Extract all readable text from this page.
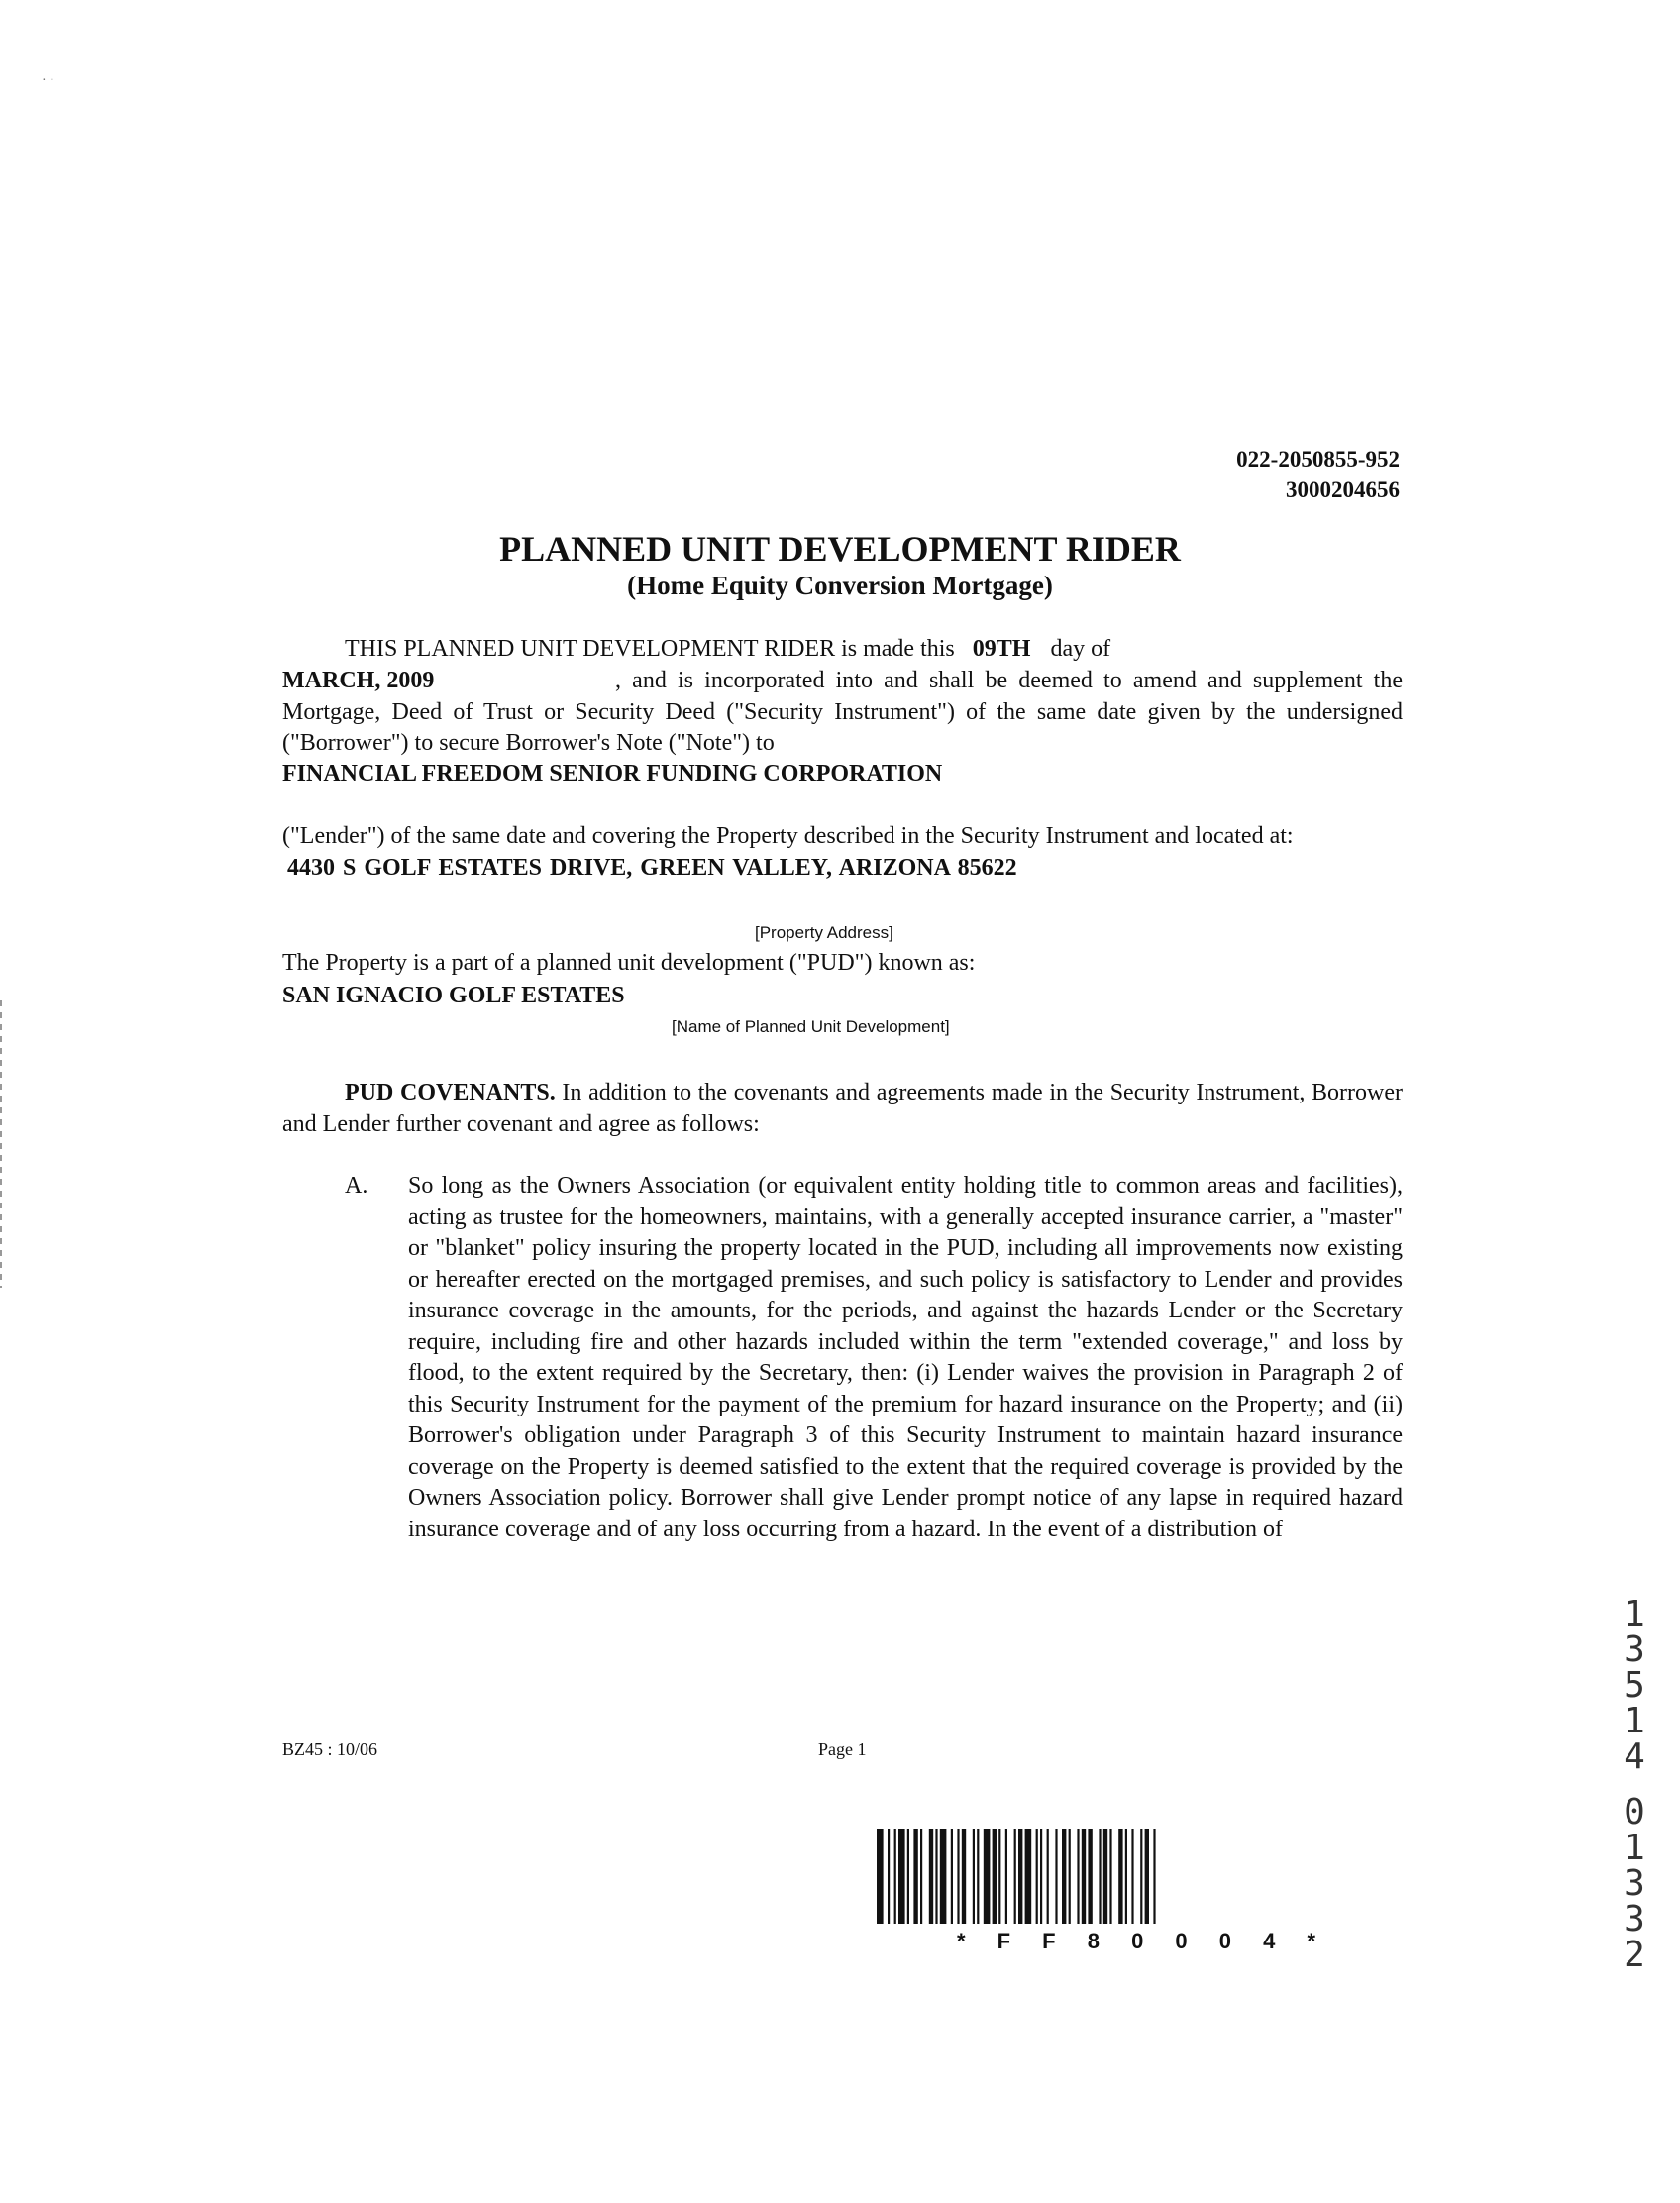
· ·
022-2050855-952
3000204656
PLANNED UNIT DEVELOPMENT RIDER
(Home Equity Conversion Mortgage)
THIS PLANNED UNIT DEVELOPMENT RIDER is made this 09TH day of
MARCH, 2009	, and is incorporated into and shall be deemed to amend and supplement the Mortgage, Deed of Trust or Security Deed ("Security Instrument") of the same date given by the undersigned ("Borrower") to secure Borrower's Note ("Note") to
FINANCIAL FREEDOM SENIOR FUNDING CORPORATION
("Lender") of the same date and covering the Property described in the Security Instrument and located at:
4430 S GOLF ESTATES DRIVE, GREEN VALLEY, ARIZONA 85622
[Property Address]
The Property is a part of a planned unit development ("PUD") known as:
SAN IGNACIO GOLF ESTATES
[Name of Planned Unit Development]
PUD COVENANTS. In addition to the covenants and agreements made in the Security Instrument, Borrower and Lender further covenant and agree as follows:
A. So long as the Owners Association (or equivalent entity holding title to common areas and facilities), acting as trustee for the homeowners, maintains, with a generally accepted insurance carrier, a "master" or "blanket" policy insuring the property located in the PUD, including all improvements now existing or hereafter erected on the mortgaged premises, and such policy is satisfactory to Lender and provides insurance coverage in the amounts, for the periods, and against the hazards Lender or the Secretary require, including fire and other hazards included within the term "extended coverage," and loss by flood, to the extent required by the Secretary, then: (i) Lender waives the provision in Paragraph 2 of this Security Instrument for the payment of the premium for hazard insurance on the Property; and (ii) Borrower's obligation under Paragraph 3 of this Security Instrument to maintain hazard insurance coverage on the Property is deemed satisfied to the extent that the required coverage is provided by the Owners Association policy. Borrower shall give Lender prompt notice of any lapse in required hazard insurance coverage and of any loss occurring from a hazard. In the event of a distribution of
BZ45 : 10/06	Page 1
* F F 8 0 0 0 4 *
1
3
5
1
4
0
1
3
3
2
